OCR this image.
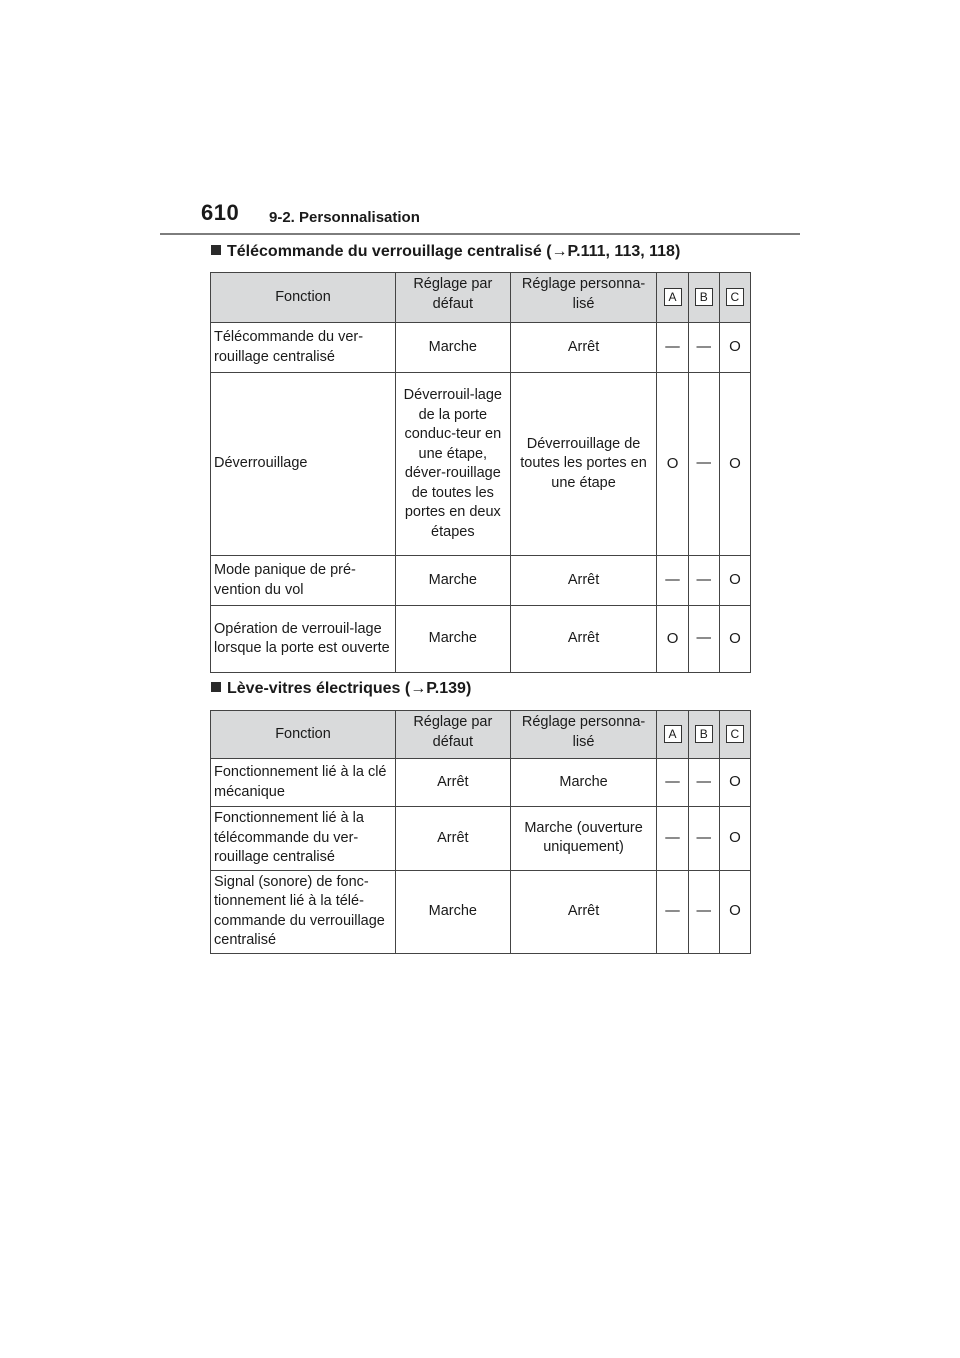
610 9-2. Personnalisation
Télécommande du verrouillage centralisé (→P.111, 113, 118)
Fonction	Réglage par défaut	Réglage personna-lisé	A	B	C
Télécommande du ver-rouillage centralisé	Marche	Arrêt	—	—	O
Déverrouillage	Déverrouil-lage de la porte conduc-teur en une étape, déver-rouillage de toutes les portes en deux étapes	Déverrouillage de toutes les portes en une étape	O	—	O
Mode panique de pré-vention du vol	Marche	Arrêt	—	—	O
Opération de verrouil-lage lorsque la porte est ouverte	Marche	Arrêt	O	—	O
Lève-vitres électriques (→P.139)
Fonction	Réglage par défaut	Réglage personna-lisé	A	B	C
Fonctionnement lié à la clé mécanique	Arrêt	Marche	—	—	O
Fonctionnement lié à la télécommande du ver-rouillage centralisé	Arrêt	Marche (ouverture uniquement)	—	—	O
Signal (sonore) de fonc-tionnement lié à la télé-commande du verrouillage centralisé	Marche	Arrêt	—	—	O
